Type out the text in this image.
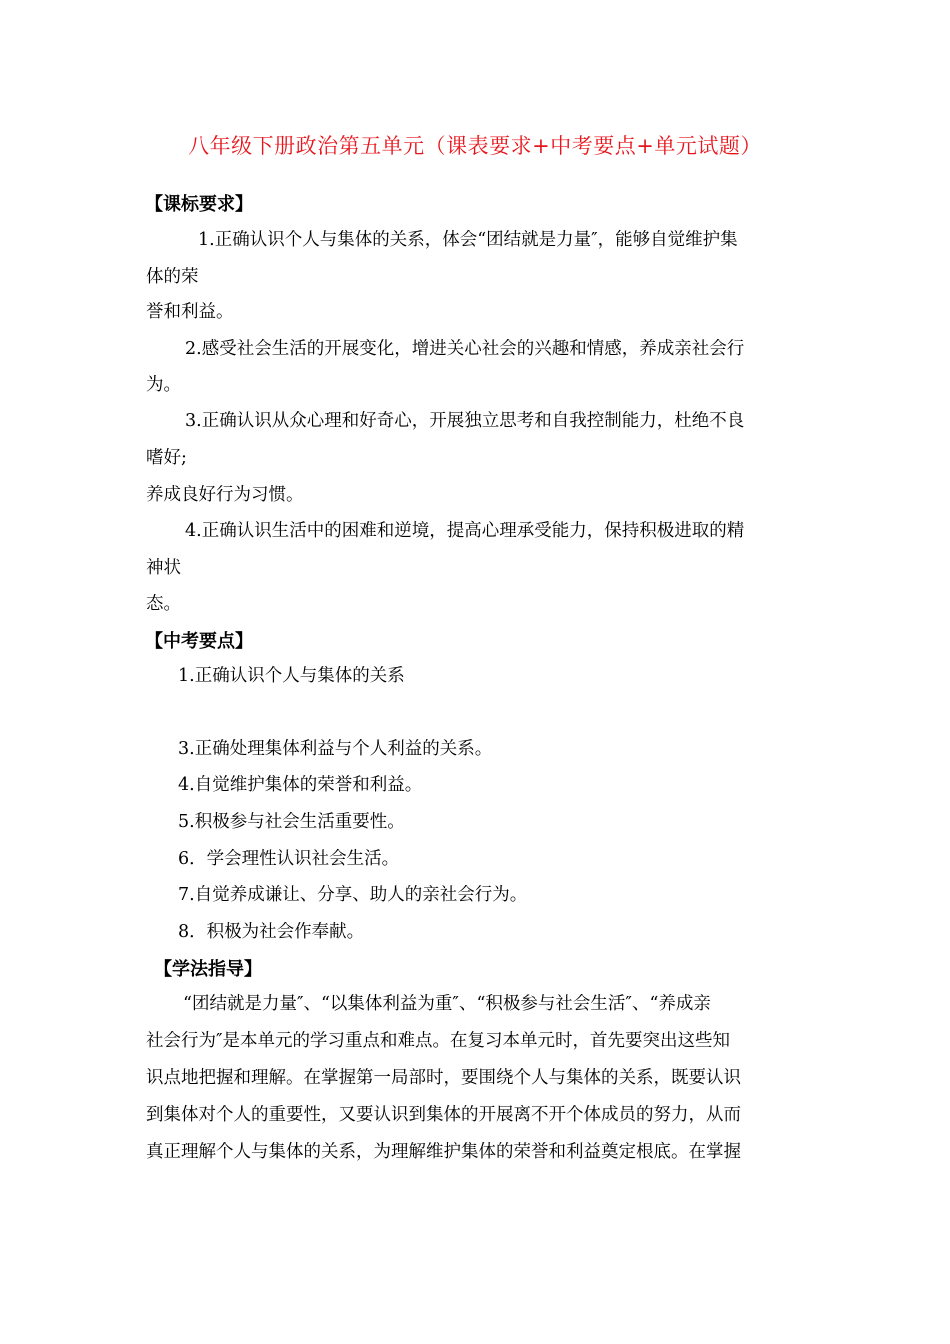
八年级下册政治第五单元（课表要求+中考要点+单元试题）
【课标要求】
1.正确认识个人与集体的关系，体会“团结就是力量″，能够自觉维护集
体的荣
誉和利益。
2.感受社会生活的开展变化，增进关心社会的兴趣和情感，养成亲社会行
为。
3.正确认识从众心理和好奇心，开展独立思考和自我控制能力，杜绝不良
嗜好;
养成良好行为习惯。
4.正确认识生活中的困难和逆境，提高心理承受能力，保持积极进取的精
神状
态。
【中考要点】
1.正确认识个人与集体的关系
3.正确处理集体利益与个人利益的关系。
4.自觉维护集体的荣誉和利益。
5.积极参与社会生活重要性。
6．学会理性认识社会生活。
7.自觉养成谦让、分享、助人的亲社会行为。
8．积极为社会作奉献。
【学法指导】
“团结就是力量″、“以集体利益为重″、“积极参与社会生活″、“养成亲
社会行为″是本单元的学习重点和难点。在复习本单元时，首先要突出这些知
识点地把握和理解。在掌握第一局部时，要围绕个人与集体的关系，既要认识
到集体对个人的重要性，又要认识到集体的开展离不开个体成员的努力，从而
真正理解个人与集体的关系，为理解维护集体的荣誉和利益奠定根底。在掌握
